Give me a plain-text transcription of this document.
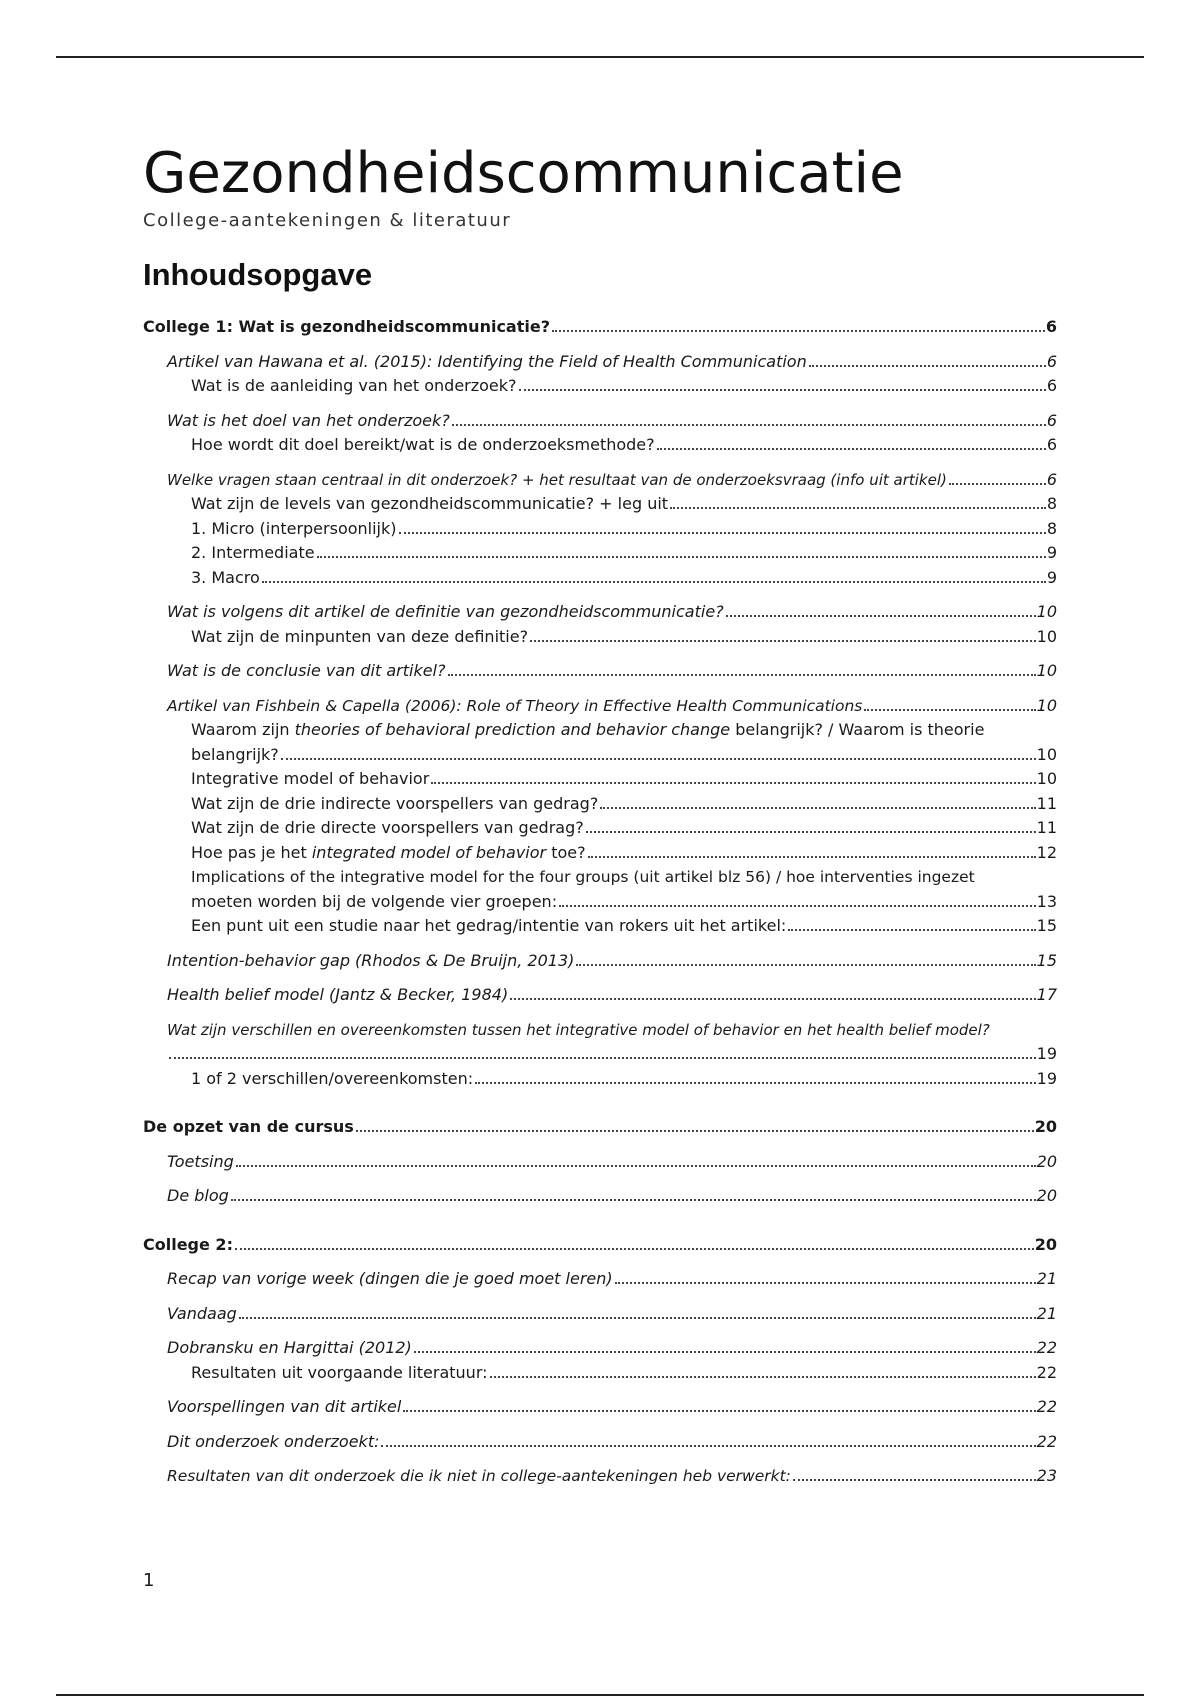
Gezondheidscommunicatie
College-aantekeningen & literatuur
Inhoudsopgave
College 1: Wat is gezondheidscommunicatie?	6
Artikel van Hawana et al. (2015): Identifying the Field of Health Communication	6
Wat is de aanleiding van het onderzoek?	6
Wat is het doel van het onderzoek?	6
Hoe wordt dit doel bereikt/wat is de onderzoeksmethode?	6
Welke vragen staan centraal in dit onderzoek? + het resultaat van de onderzoeksvraag (info uit artikel)	6
Wat zijn de levels van gezondheidscommunicatie? + leg uit	8
1. Micro (interpersoonlijk)	8
2. Intermediate	9
3. Macro	9
Wat is volgens dit artikel de definitie van gezondheidscommunicatie?	10
Wat zijn de minpunten van deze definitie?	10
Wat is de conclusie van dit artikel?	10
Artikel van Fishbein & Capella (2006): Role of Theory in Effective Health Communications	10
Waarom zijn theories of behavioral prediction and behavior change belangrijk? / Waarom is theorie
belangrijk?	10
Integrative model of behavior	10
Wat zijn de drie indirecte voorspellers van gedrag?	11
Wat zijn de drie directe voorspellers van gedrag?	11
Hoe pas je het integrated model of behavior toe?	12
Implications of the integrative model for the four groups (uit artikel blz 56) / hoe interventies ingezet
moeten worden bij de volgende vier groepen:	13
Een punt uit een studie naar het gedrag/intentie van rokers uit het artikel:	15
Intention-behavior gap (Rhodos & De Bruijn, 2013)	15
Health belief model (Jantz & Becker, 1984)	17
Wat zijn verschillen en overeenkomsten tussen het integrative model of behavior en het health belief model?
19
1 of 2 verschillen/overeenkomsten:	19
De opzet van de cursus	20
Toetsing	20
De blog	20
College 2:	20
Recap van vorige week (dingen die je goed moet leren)	21
Vandaag	21
Dobransku en Hargittai (2012)	22
Resultaten uit voorgaande literatuur:	22
Voorspellingen van dit artikel	22
Dit onderzoek onderzoekt:	22
Resultaten van dit onderzoek die ik niet in college-aantekeningen heb verwerkt:	23
1
